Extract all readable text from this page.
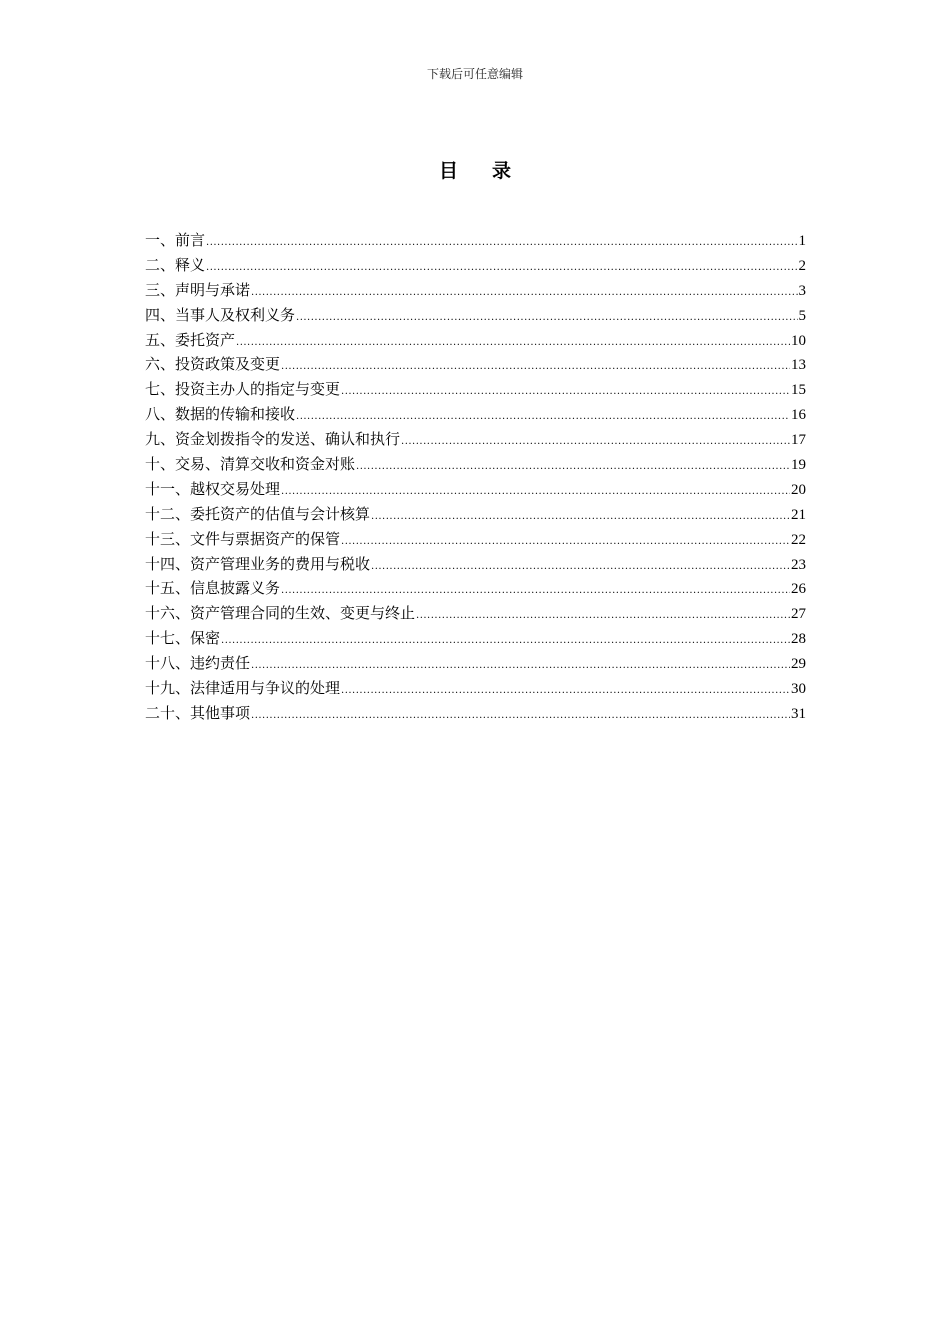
下载后可任意编辑
目录
一、前言 .....	1
二、释义 .....	2
三、声明与承诺 .....	3
四、当事人及权利义务 .....	5
五、委托资产 .....	10
六、投资政策及变更 .....	13
七、投资主办人的指定与变更 .....	15
八、数据的传输和接收 .....	16
九、资金划拨指令的发送、确认和执行 .....	17
十、交易、清算交收和资金对账 .....	19
十一、越权交易处理 .....	20
十二、委托资产的估值与会计核算 .....	21
十三、文件与票据资产的保管 .....	22
十四、资产管理业务的费用与税收 .....	23
十五、信息披露义务 .....	26
十六、资产管理合同的生效、变更与终止 .....	27
十七、保密 .....	28
十八、违约责任 .....	29
十九、法律适用与争议的处理 .....	30
二十、其他事项 .....	31
